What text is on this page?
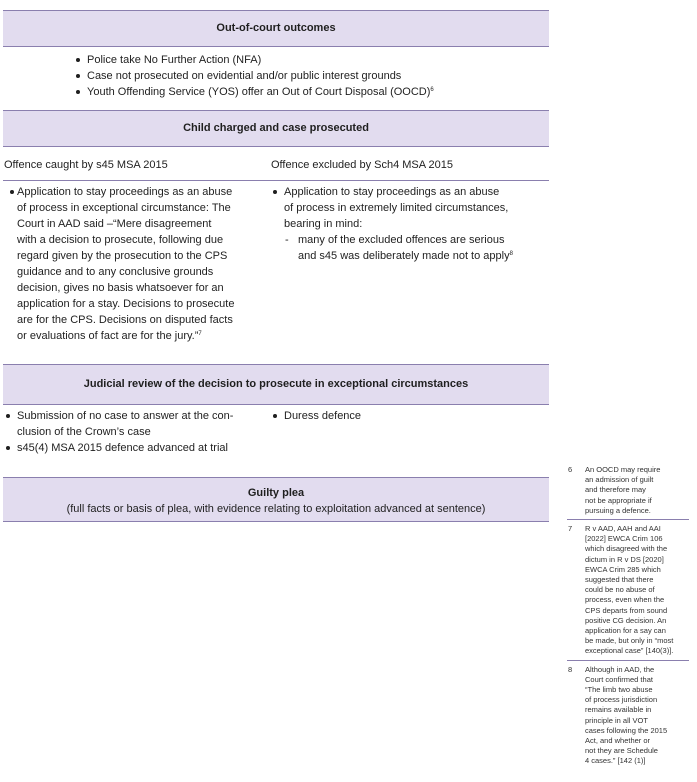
Out-of-court outcomes
Police take No Further Action (NFA)
Case not prosecuted on evidential and/or public interest grounds
Youth Offending Service (YOS) offer an Out of Court Disposal (OOCD)$^6$
Child charged and case prosecuted
Offence caught by s45 MSA 2015	Offence excluded by Sch4 MSA 2015
Application to stay proceedings as an abuse
of process in exceptional circumstance: The
Court in AAD said –“Mere disagreement
with a decision to prosecute, following due
regard given by the prosecution to the CPS
guidance and to any conclusive grounds
decision, gives no basis whatsoever for an
application for a stay. Decisions to prosecute
are for the CPS. Decisions on disputed facts
or evaluations of fact are for the jury.”$^7$
Application to stay proceedings as an abuse
of process in extremely limited circumstances,
bearing in mind:
- many of the excluded offences are serious
and s45 was deliberately made not to apply$^8$
Judicial review of the decision to prosecute in exceptional circumstances
Submission of no case to answer at the con-
clusion of the Crown’s case
s45(4) MSA 2015 defence advanced at trial
Duress defence
Guilty plea
(full facts or basis of plea, with evidence relating to exploitation advanced at sentence)
6 An OOCD may require
an admission of guilt
and therefore may
not be appropriate if
pursuing a defence.
7 R v AAD, AAH and AAI
[2022] EWCA Crim 106
which disagreed with the
dictum in R v DS [2020]
EWCA Crim 285 which
suggested that there
could be no abuse of
process, even when the
CPS departs from sound
positive CG decision. An
application for a say can
be made, but only in “most
exceptional case” [140(3)].
8 Although in AAD, the
Court confirmed that
“The limb two abuse
of process jurisdiction
remains available in
principle in all VOT
cases following the 2015
Act, and whether or
not they are Schedule
4 cases.” [142 (1)]
